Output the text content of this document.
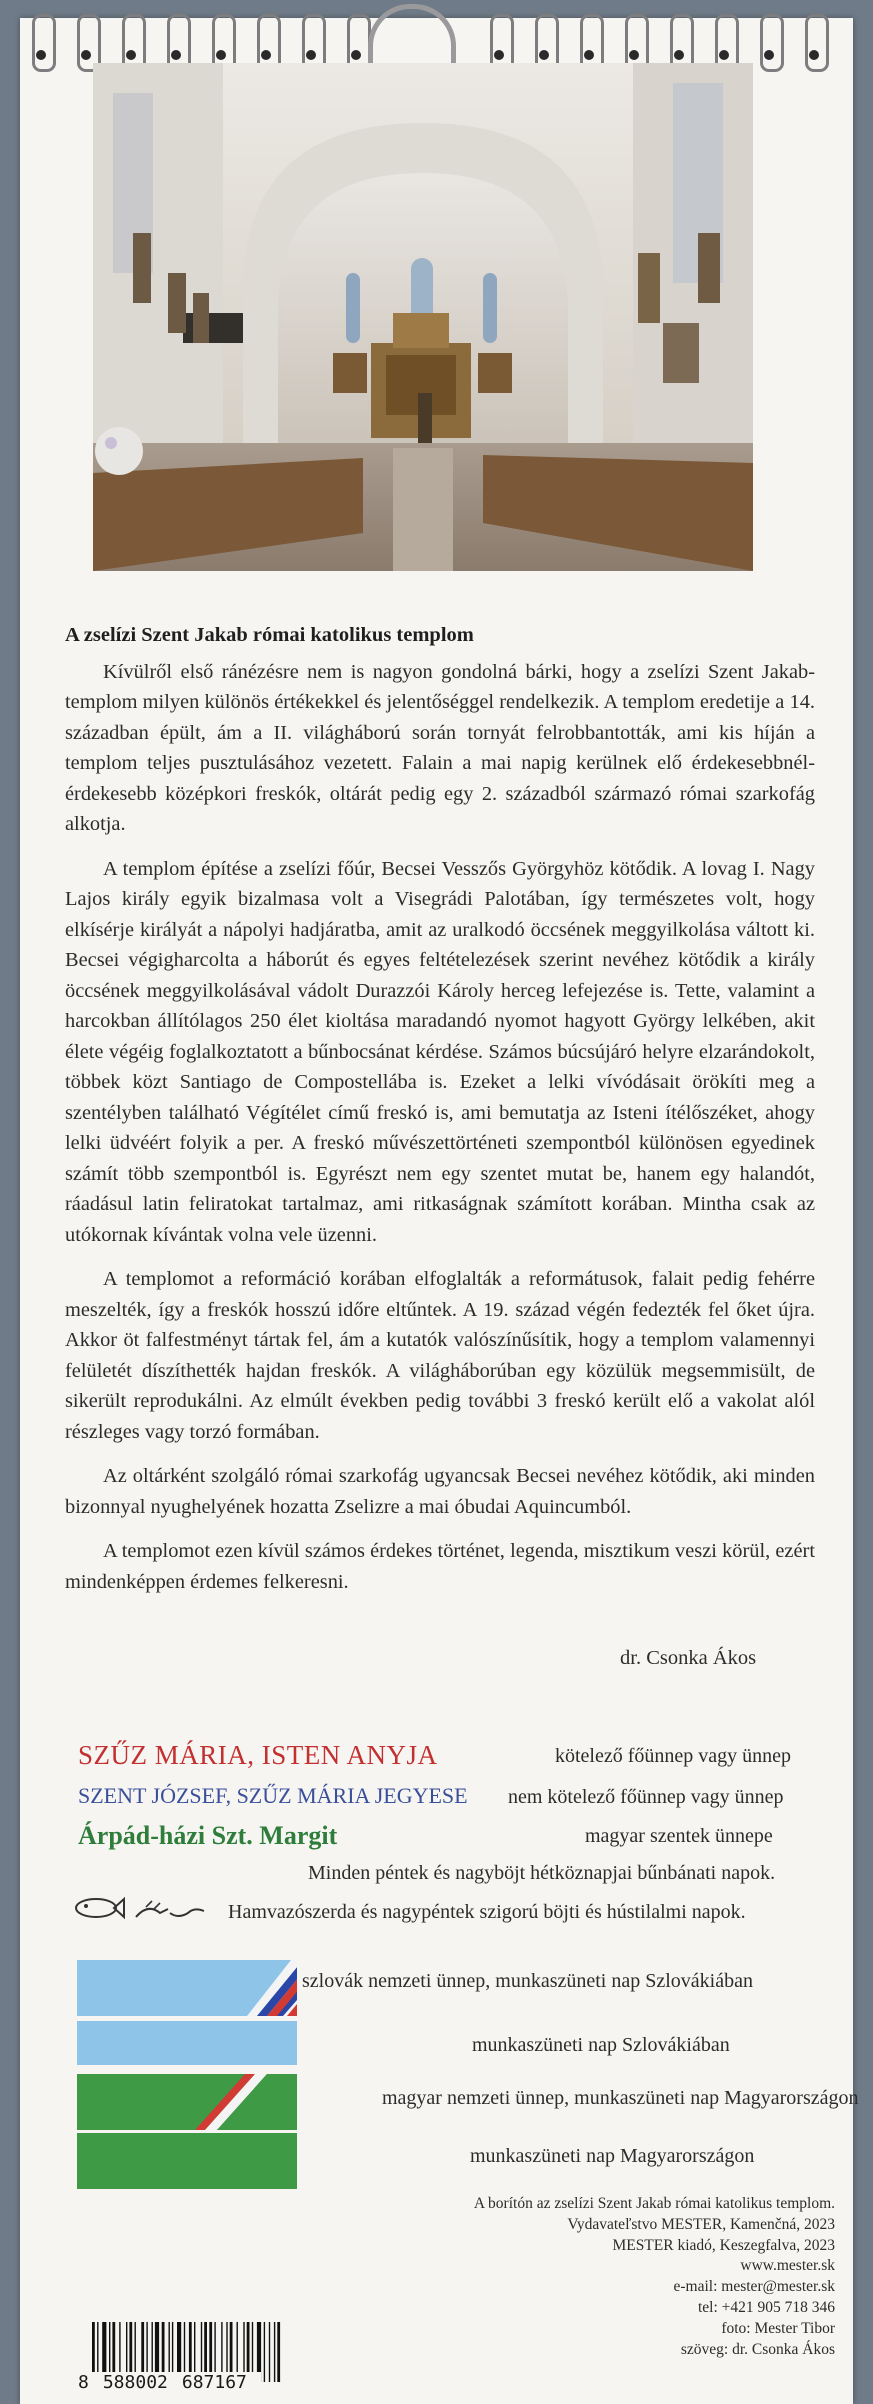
A zselízi Szent Jakab római katolikus templom

Kívülről első ránézésre nem is nagyon gondolná bárki, hogy a zselízi Szent Jakab-templom milyen különös értékekkel és jelentőséggel rendelkezik. A templom eredetije a 14. században épült, ám a II. világháború során tornyát felrobbantották, ami kis híján a templom teljes pusztulásához vezetett. Falain a mai napig kerülnek elő érdekesebbnél-érdekesebb középkori freskók, oltárát pedig egy 2. századból származó római szarkofág alkotja.

A templom építése a zselízi főúr, Becsei Vesszős Györgyhöz kötődik. A lovag I. Nagy Lajos király egyik bizalmasa volt a Visegrádi Palotában, így természetes volt, hogy elkísérje királyát a nápolyi hadjáratba, amit az uralkodó öccsének meggyilkolása váltott ki. Becsei végigharcolta a háborút és egyes feltételezések szerint nevéhez kötődik a király öccsének meggyilkolásával vádolt Durazzói Károly herceg lefejezése is. Tette, valamint a harcokban állítólagos 250 élet kioltása maradandó nyomot hagyott György lelkében, akit élete végéig foglalkoztatott a bűnbocsánat kérdése. Számos búcsújáró helyre elzarándokolt, többek közt Santiago de Compostellába is. Ezeket a lelki vívódásait örökíti meg a szentélyben található Végítélet című freskó is, ami bemutatja az Isteni ítélőszéket, ahogy lelki üdvéért folyik a per. A freskó művészettörténeti szempontból különösen egyedinek számít több szempontból is. Egyrészt nem egy szentet mutat be, hanem egy halandót, ráadásul latin feliratokat tartalmaz, ami ritkaságnak számított korában. Mintha csak az utókornak kívántak volna vele üzenni.

A templomot a reformáció korában elfoglalták a reformátusok, falait pedig fehérre meszelték, így a freskók hosszú időre eltűntek. A 19. század végén fedezték fel őket újra. Akkor öt falfestményt tártak fel, ám a kutatók valószínűsítik, hogy a templom valamennyi felületét díszíthették hajdan freskók. A világháborúban egy közülük megsemmisült, de sikerült reprodukálni. Az elmúlt években pedig további 3 freskó került elő a vakolat alól részleges vagy torzó formában.

Az oltárként szolgáló római szarkofág ugyancsak Becsei nevéhez kötődik, aki minden bizonnyal nyughelyének hozatta Zselizre a mai óbudai Aquincumból.

A templomot ezen kívül számos érdekes történet, legenda, misztikum veszi körül, ezért mindenképpen érdemes felkeresni.

dr. Csonka Ákos
SZŰZ MÁRIA, ISTEN ANYJA
SZENT JÓZSEF, SZŰZ MÁRIA JEGYESE
Árpád-házi Szt. Margit
kötelező főünnep vagy ünnep
nem kötelező főünnep vagy ünnep
magyar szentek ünnepe
Minden péntek és nagyböjt hétköznapjai bűnbánati napok.
Hamvazószerda és nagypéntek szigorú böjti és hústilalmi napok.
szlovák nemzeti ünnep, munkaszüneti nap Szlovákiában
munkaszüneti nap Szlovákiában
magyar nemzeti ünnep, munkaszüneti nap Magyarországon
munkaszüneti nap Magyarországon
A borítón az zselízi Szent Jakab római katolikus templom.
Vydavateľstvo MESTER, Kamenčná, 2023
MESTER kiadó, Keszegfalva, 2023
www.mester.sk
e-mail: mester@mester.sk
tel: +421 905 718 346
foto: Mester Tibor
szöveg: dr. Csonka Ákos
8 588002 687167
